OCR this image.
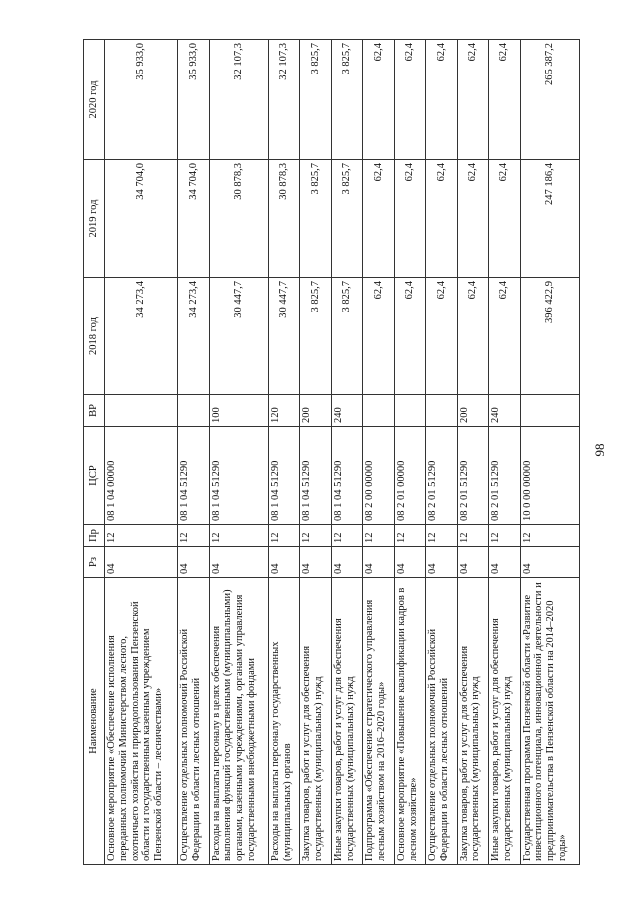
98
Наименование	Рз	Пр	ЦСР	ВР	2018 год	2019 год	2020 год
Основное мероприятие «Обеспечение исполнения переданных полномочий Министерством лесного, охотничьего хозяйства и природопользования Пензенской области и государственным казенным учреждением Пензенской области – лесничествами»	04	12	08 1 04 00000		34 273,4	34 704,0	35 933,0
Осуществление отдельных полномочий Российской Федерации в области лесных отношений	04	12	08 1 04 51290		34 273,4	34 704,0	35 933,0
Расходы на выплаты персоналу в целях обеспечения выполнения функций государственными (муниципальными) органами, казенными учреждениями, органами управления государственными внебюджетными фондами	04	12	08 1 04 51290	100	30 447,7	30 878,3	32 107,3
Расходы на выплаты персоналу государственных (муниципальных) органов	04	12	08 1 04 51290	120	30 447,7	30 878,3	32 107,3
Закупка товаров, работ и услуг для обеспечения государственных (муниципальных) нужд	04	12	08 1 04 51290	200	3 825,7	3 825,7	3 825,7
Иные закупки товаров, работ и услуг для обеспечения государственных (муниципальных) нужд	04	12	08 1 04 51290	240	3 825,7	3 825,7	3 825,7
Подпрограмма «Обеспечение стратегического управления лесным хозяйством на 2016–2020 годы»	04	12	08 2 00 00000		62,4	62,4	62,4
Основное мероприятие «Повышение квалификации кадров в лесном хозяйстве»	04	12	08 2 01 00000		62,4	62,4	62,4
Осуществление отдельных полномочий Российской Федерации в области лесных отношений	04	12	08 2 01 51290		62,4	62,4	62,4
Закупка товаров, работ и услуг для обеспечения государственных (муниципальных) нужд	04	12	08 2 01 51290	200	62,4	62,4	62,4
Иные закупки товаров, работ и услуг для обеспечения государственных (муниципальных) нужд	04	12	08 2 01 51290	240	62,4	62,4	62,4
Государственная программа Пензенской области «Развитие инвестиционного потенциала, инновационной деятельности и предпринимательства в Пензенской области на 2014–2020 годы»	04	12	10 0 00 00000		396 422,9	247 186,4	265 387,2
